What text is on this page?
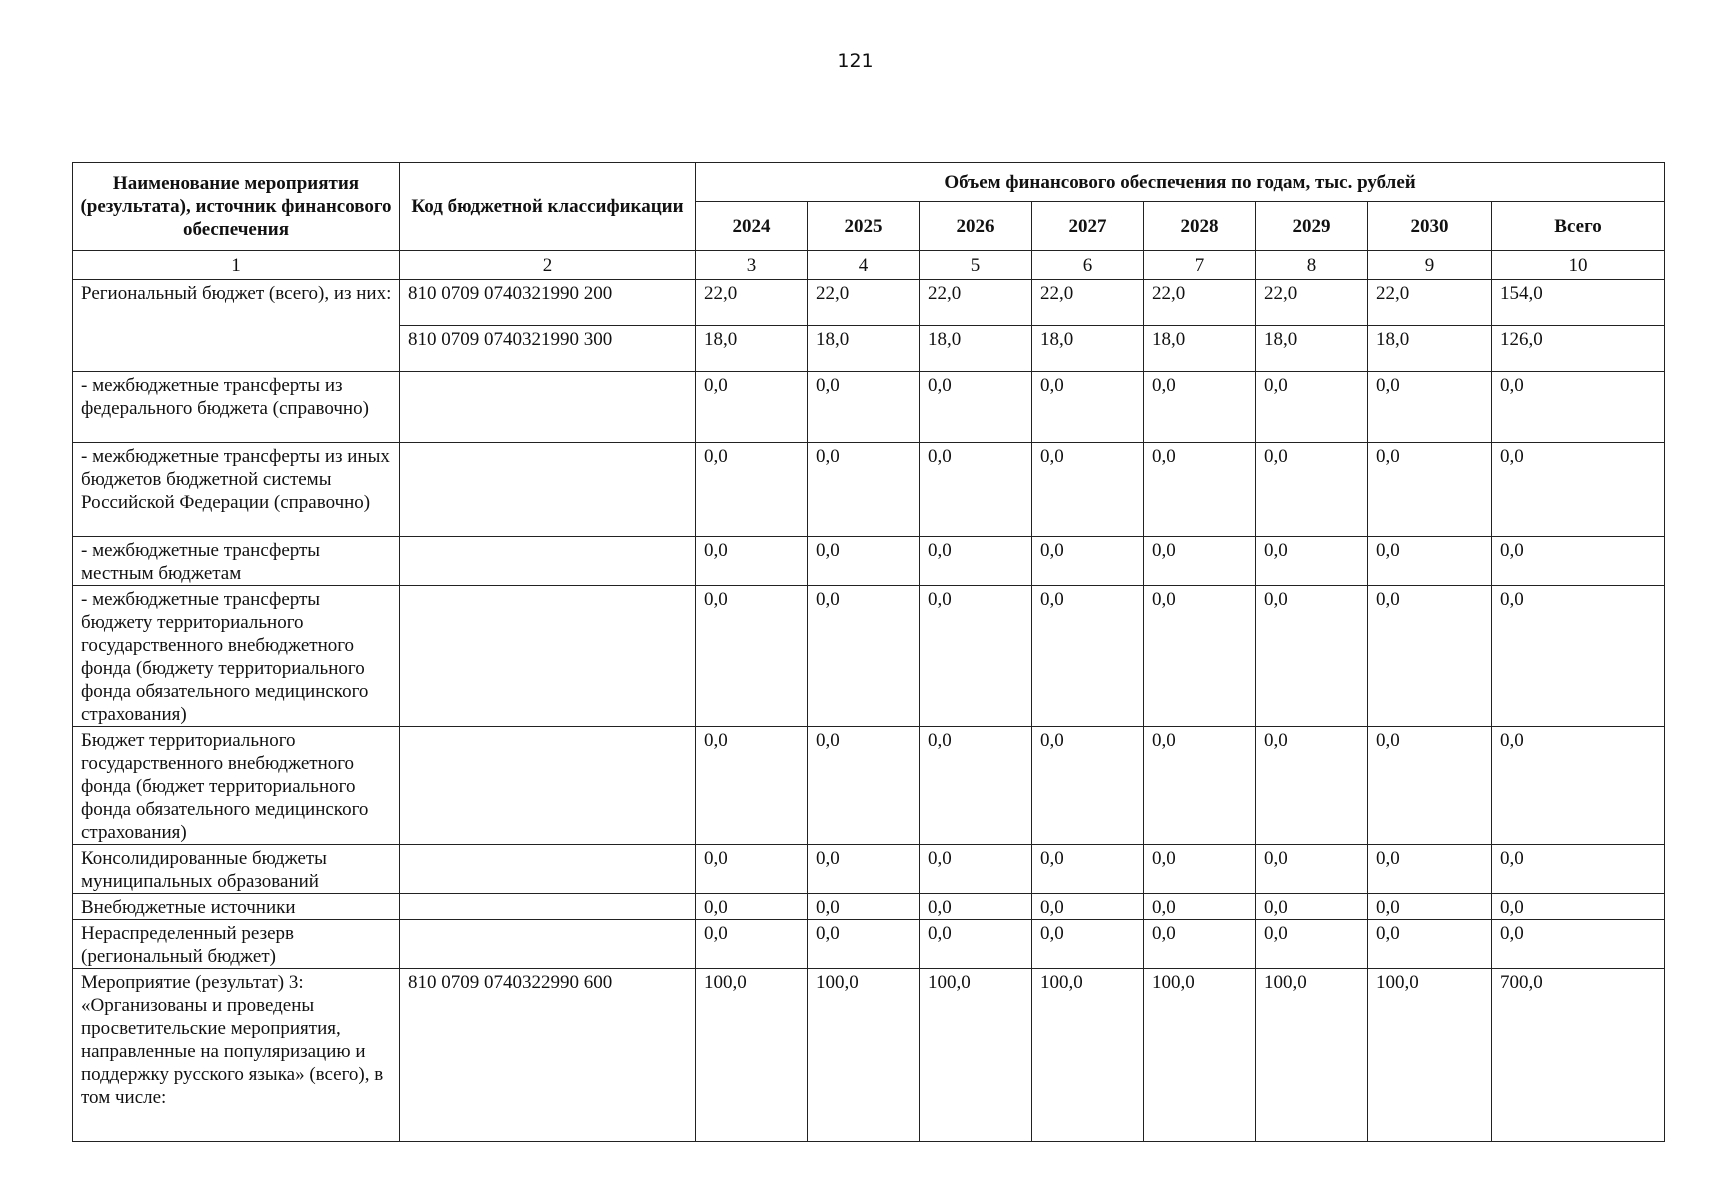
121
Наименование мероприятия (результата), источник финансового обеспечения	Код бюджетной классификации	Объем финансового обеспечения по годам, тыс. рублей							
		2024	2025	2026	2027	2028	2029	2030	Всего
1	2	3	4	5	6	7	8	9	10
Региональный бюджет (всего), из них:	810 0709 0740321990 200	22,0	22,0	22,0	22,0	22,0	22,0	22,0	154,0
	810 0709 0740321990 300	18,0	18,0	18,0	18,0	18,0	18,0	18,0	126,0
- межбюджетные трансферты из федерального бюджета (справочно)		0,0	0,0	0,0	0,0	0,0	0,0	0,0	0,0
- межбюджетные трансферты из иных бюджетов бюджетной системы Российской Федерации (справочно)		0,0	0,0	0,0	0,0	0,0	0,0	0,0	0,0
- межбюджетные трансферты местным бюджетам		0,0	0,0	0,0	0,0	0,0	0,0	0,0	0,0
- межбюджетные трансферты бюджету территориального государственного внебюджетного фонда (бюджету территориального фонда обязательного медицинского страхования)		0,0	0,0	0,0	0,0	0,0	0,0	0,0	0,0
Бюджет территориального государственного внебюджетного фонда (бюджет территориального фонда обязательного медицинского страхования)		0,0	0,0	0,0	0,0	0,0	0,0	0,0	0,0
Консолидированные бюджеты муниципальных образований		0,0	0,0	0,0	0,0	0,0	0,0	0,0	0,0
Внебюджетные источники		0,0	0,0	0,0	0,0	0,0	0,0	0,0	0,0
Нераспределенный резерв (региональный бюджет)		0,0	0,0	0,0	0,0	0,0	0,0	0,0	0,0
Мероприятие (результат) 3: «Организованы и проведены просветительские мероприятия, направленные на популяризацию и поддержку русского языка» (всего), в том числе:	810 0709 0740322990 600	100,0	100,0	100,0	100,0	100,0	100,0	100,0	700,0
